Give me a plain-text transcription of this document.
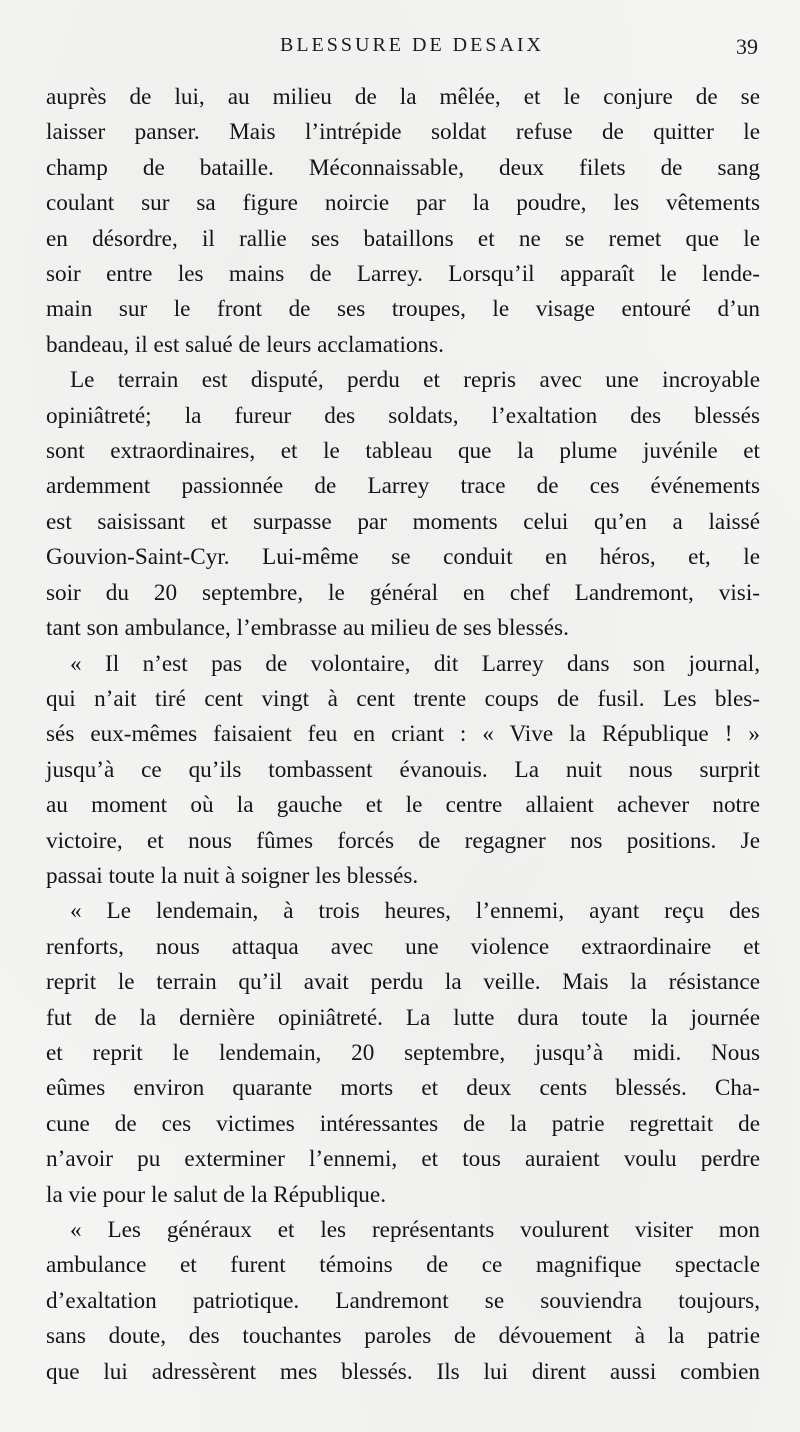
BLESSURE DE DESAIX	39

auprès de lui, au milieu de la mêlée, et le conjure de se
laisser panser. Mais l’intrépide soldat refuse de quitter le
champ de bataille. Méconnaissable, deux filets de sang
coulant sur sa figure noircie par la poudre, les vêtements
en désordre, il rallie ses bataillons et ne se remet que le
soir entre les mains de Larrey. Lorsqu’il apparaît le lende-
main sur le front de ses troupes, le visage entouré d’un
bandeau, il est salué de leurs acclamations.

Le terrain est disputé, perdu et repris avec une incroyable
opiniâtreté; la fureur des soldats, l’exaltation des blessés
sont extraordinaires, et le tableau que la plume juvénile et
ardemment passionnée de Larrey trace de ces événements
est saisissant et surpasse par moments celui qu’en a laissé
Gouvion-Saint-Cyr. Lui-même se conduit en héros, et, le
soir du 20 septembre, le général en chef Landremont, visi-
tant son ambulance, l’embrasse au milieu de ses blessés.

« Il n’est pas de volontaire, dit Larrey dans son journal,
qui n’ait tiré cent vingt à cent trente coups de fusil. Les bles-
sés eux-mêmes faisaient feu en criant : « Vive la République ! »
jusqu’à ce qu’ils tombassent évanouis. La nuit nous surprit
au moment où la gauche et le centre allaient achever notre
victoire, et nous fûmes forcés de regagner nos positions. Je
passai toute la nuit à soigner les blessés.

« Le lendemain, à trois heures, l’ennemi, ayant reçu des
renforts, nous attaqua avec une violence extraordinaire et
reprit le terrain qu’il avait perdu la veille. Mais la résistance
fut de la dernière opiniâtreté. La lutte dura toute la journée
et reprit le lendemain, 20 septembre, jusqu’à midi. Nous
eûmes environ quarante morts et deux cents blessés. Cha-
cune de ces victimes intéressantes de la patrie regrettait de
n’avoir pu exterminer l’ennemi, et tous auraient voulu perdre
la vie pour le salut de la République.

« Les généraux et les représentants voulurent visiter mon
ambulance et furent témoins de ce magnifique spectacle
d’exaltation patriotique. Landremont se souviendra toujours,
sans doute, des touchantes paroles de dévouement à la patrie
que lui adressèrent mes blessés. Ils lui dirent aussi combien
